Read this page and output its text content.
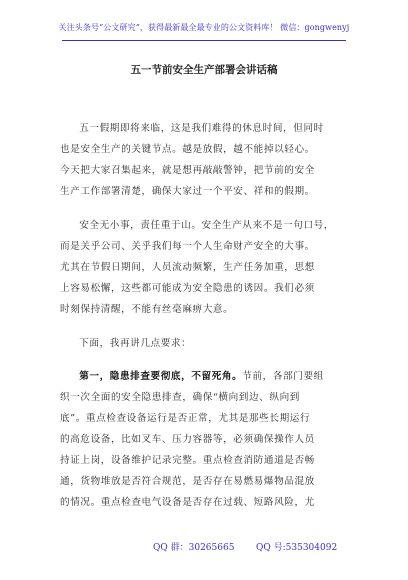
关注头条号“公文研究”，获得最新最全最专业的公文资料库！ 微信：gongwenyj
五一节前安全生产部署会讲话稿

五一假期即将来临，这是我们难得的休息时间，但同时
也是安全生产的关键节点。越是放假，越不能掉以轻心。
今天把大家召集起来，就是想再敲敲警钟，把节前的安全
生产工作部署清楚，确保大家过一个平安、祥和的假期。

安全无小事，责任重于山。安全生产从来不是一句口号，
而是关乎公司、关乎我们每一个人生命财产安全的大事。
尤其在节假日期间，人员流动频繁，生产任务加重，思想
上容易松懈，这些都可能成为安全隐患的诱因。我们必须
时刻保持清醒，不能有丝毫麻痹大意。

下面，我再讲几点要求：

第一，隐患排查要彻底，不留死角。节前，各部门要组
织一次全面的安全隐患排查，确保“横向到边、纵向到
底”。重点检查设备运行是否正常，尤其是那些长期运行
的高危设备，比如叉车、压力容器等，必须确保操作人员
持证上岗，设备维护记录完整。重点检查消防通道是否畅
通，货物堆放是否符合规范，是否存在易燃易爆物品混放
的情况。重点检查电气设备是否存在过载、短路风险，尤

QQ 群：30265665 QQ 号:535304092
